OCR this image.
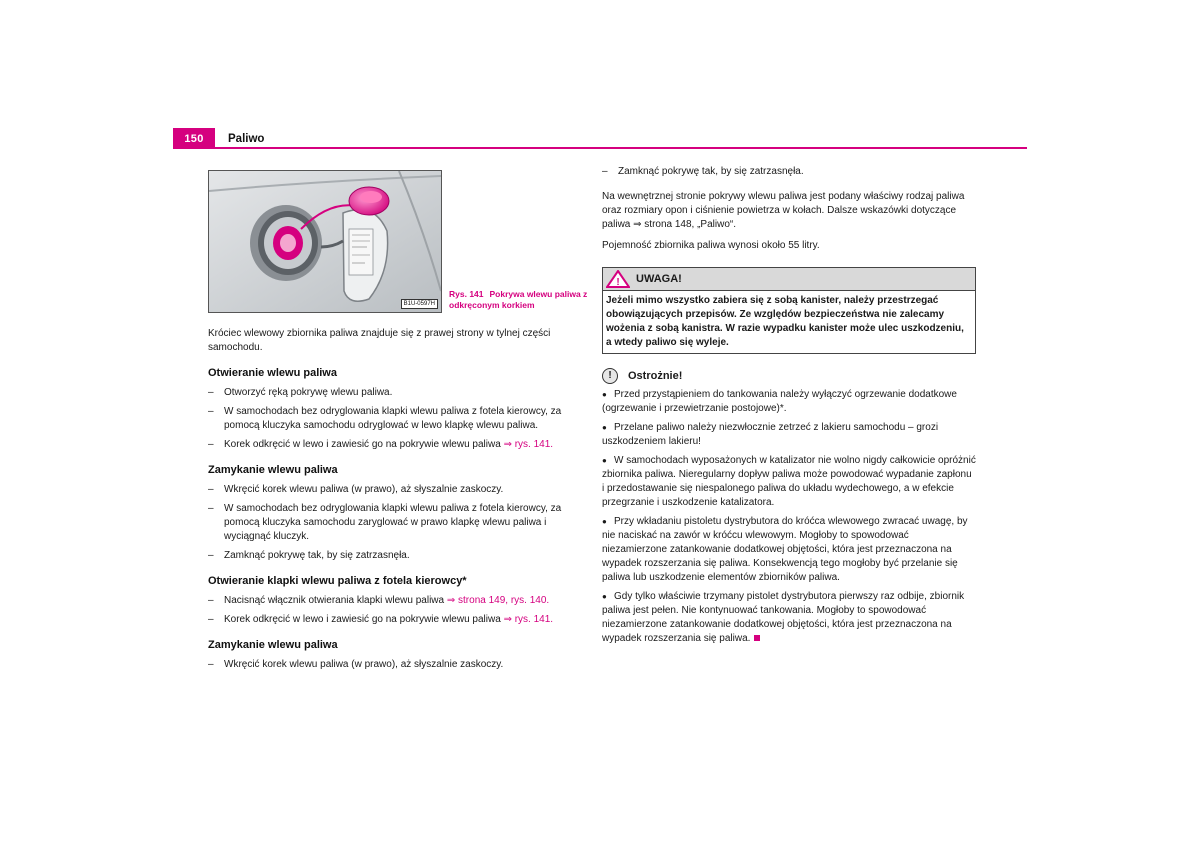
150	Paliwo
B1U-0597H
Rys. 141 Pokrywa wlewu paliwa z odkręconym korkiem

Króciec wlewowy zbiornika paliwa znajduje się z prawej strony w tylnej części samochodu.

Otwieranie wlewu paliwa
– Otworzyć ręką pokrywę wlewu paliwa.
– W samochodach bez odryglowania klapki wlewu paliwa z fotela kierowcy, za pomocą kluczyka samochodu odryglować w lewo klapkę wlewu paliwa.
– Korek odkręcić w lewo i zawiesić go na pokrywie wlewu paliwa ⇒ rys. 141.
Zamykanie wlewu paliwa
– Wkręcić korek wlewu paliwa (w prawo), aż słyszalnie zaskoczy.
– W samochodach bez odryglowania klapki wlewu paliwa z fotela kierowcy, za pomocą kluczyka samochodu zaryglować w prawo klapkę wlewu paliwa i wyciągnąć kluczyk.
– Zamknąć pokrywę tak, by się zatrzasnęła.
Otwieranie klapki wlewu paliwa z fotela kierowcy*
– Nacisnąć włącznik otwierania klapki wlewu paliwa ⇒ strona 149, rys. 140.
– Korek odkręcić w lewo i zawiesić go na pokrywie wlewu paliwa ⇒ rys. 141.
Zamykanie wlewu paliwa
– Wkręcić korek wlewu paliwa (w prawo), aż słyszalnie zaskoczy.
– Zamknąć pokrywę tak, by się zatrzasnęła.

Na wewnętrznej stronie pokrywy wlewu paliwa jest podany właściwy rodzaj paliwa oraz rozmiary opon i ciśnienie powietrza w kołach. Dalsze wskazówki dotyczące paliwa ⇒ strona 148, „Paliwo“.

Pojemność zbiornika paliwa wynosi około 55 litry.

! UWAGA!
Jeżeli mimo wszystko zabiera się z sobą kanister, należy przestrzegać obowiązujących przepisów. Ze względów bezpieczeństwa nie zalecamy wożenia z sobą kanistra. W razie wypadku kanister może ulec uszkodzeniu, a wtedy paliwo się wyleje.
!	Ostrożnie!
● Przed przystąpieniem do tankowania należy wyłączyć ogrzewanie dodatkowe (ogrzewanie i przewietrzanie postojowe)*.
● Przelane paliwo należy niezwłocznie zetrzeć z lakieru samochodu – grozi uszkodzeniem lakieru!
● W samochodach wyposażonych w katalizator nie wolno nigdy całkowicie opróżnić zbiornika paliwa. Nieregularny dopływ paliwa może powodować wypadanie zapłonu i przedostawanie się niespalonego paliwa do układu wydechowego, a w efekcie przegrzanie i uszkodzenie katalizatora.
● Przy wkładaniu pistoletu dystrybutora do króćca wlewowego zwracać uwagę, by nie naciskać na zawór w króćcu wlewowym. Mogłoby to spowodować niezamierzone zatankowanie dodatkowej objętości, która jest przeznaczona na wypadek rozszerzania się paliwa. Konsekwencją tego mogłoby być przelanie się paliwa lub uszkodzenie elementów zbiorników paliwa.
● Gdy tylko właściwie trzymany pistolet dystrybutora pierwszy raz odbije, zbiornik paliwa jest pełen. Nie kontynuować tankowania. Mogłoby to spowodować niezamierzone zatankowanie dodatkowej objętości, która jest przeznaczona na wypadek rozszerzania się paliwa.
